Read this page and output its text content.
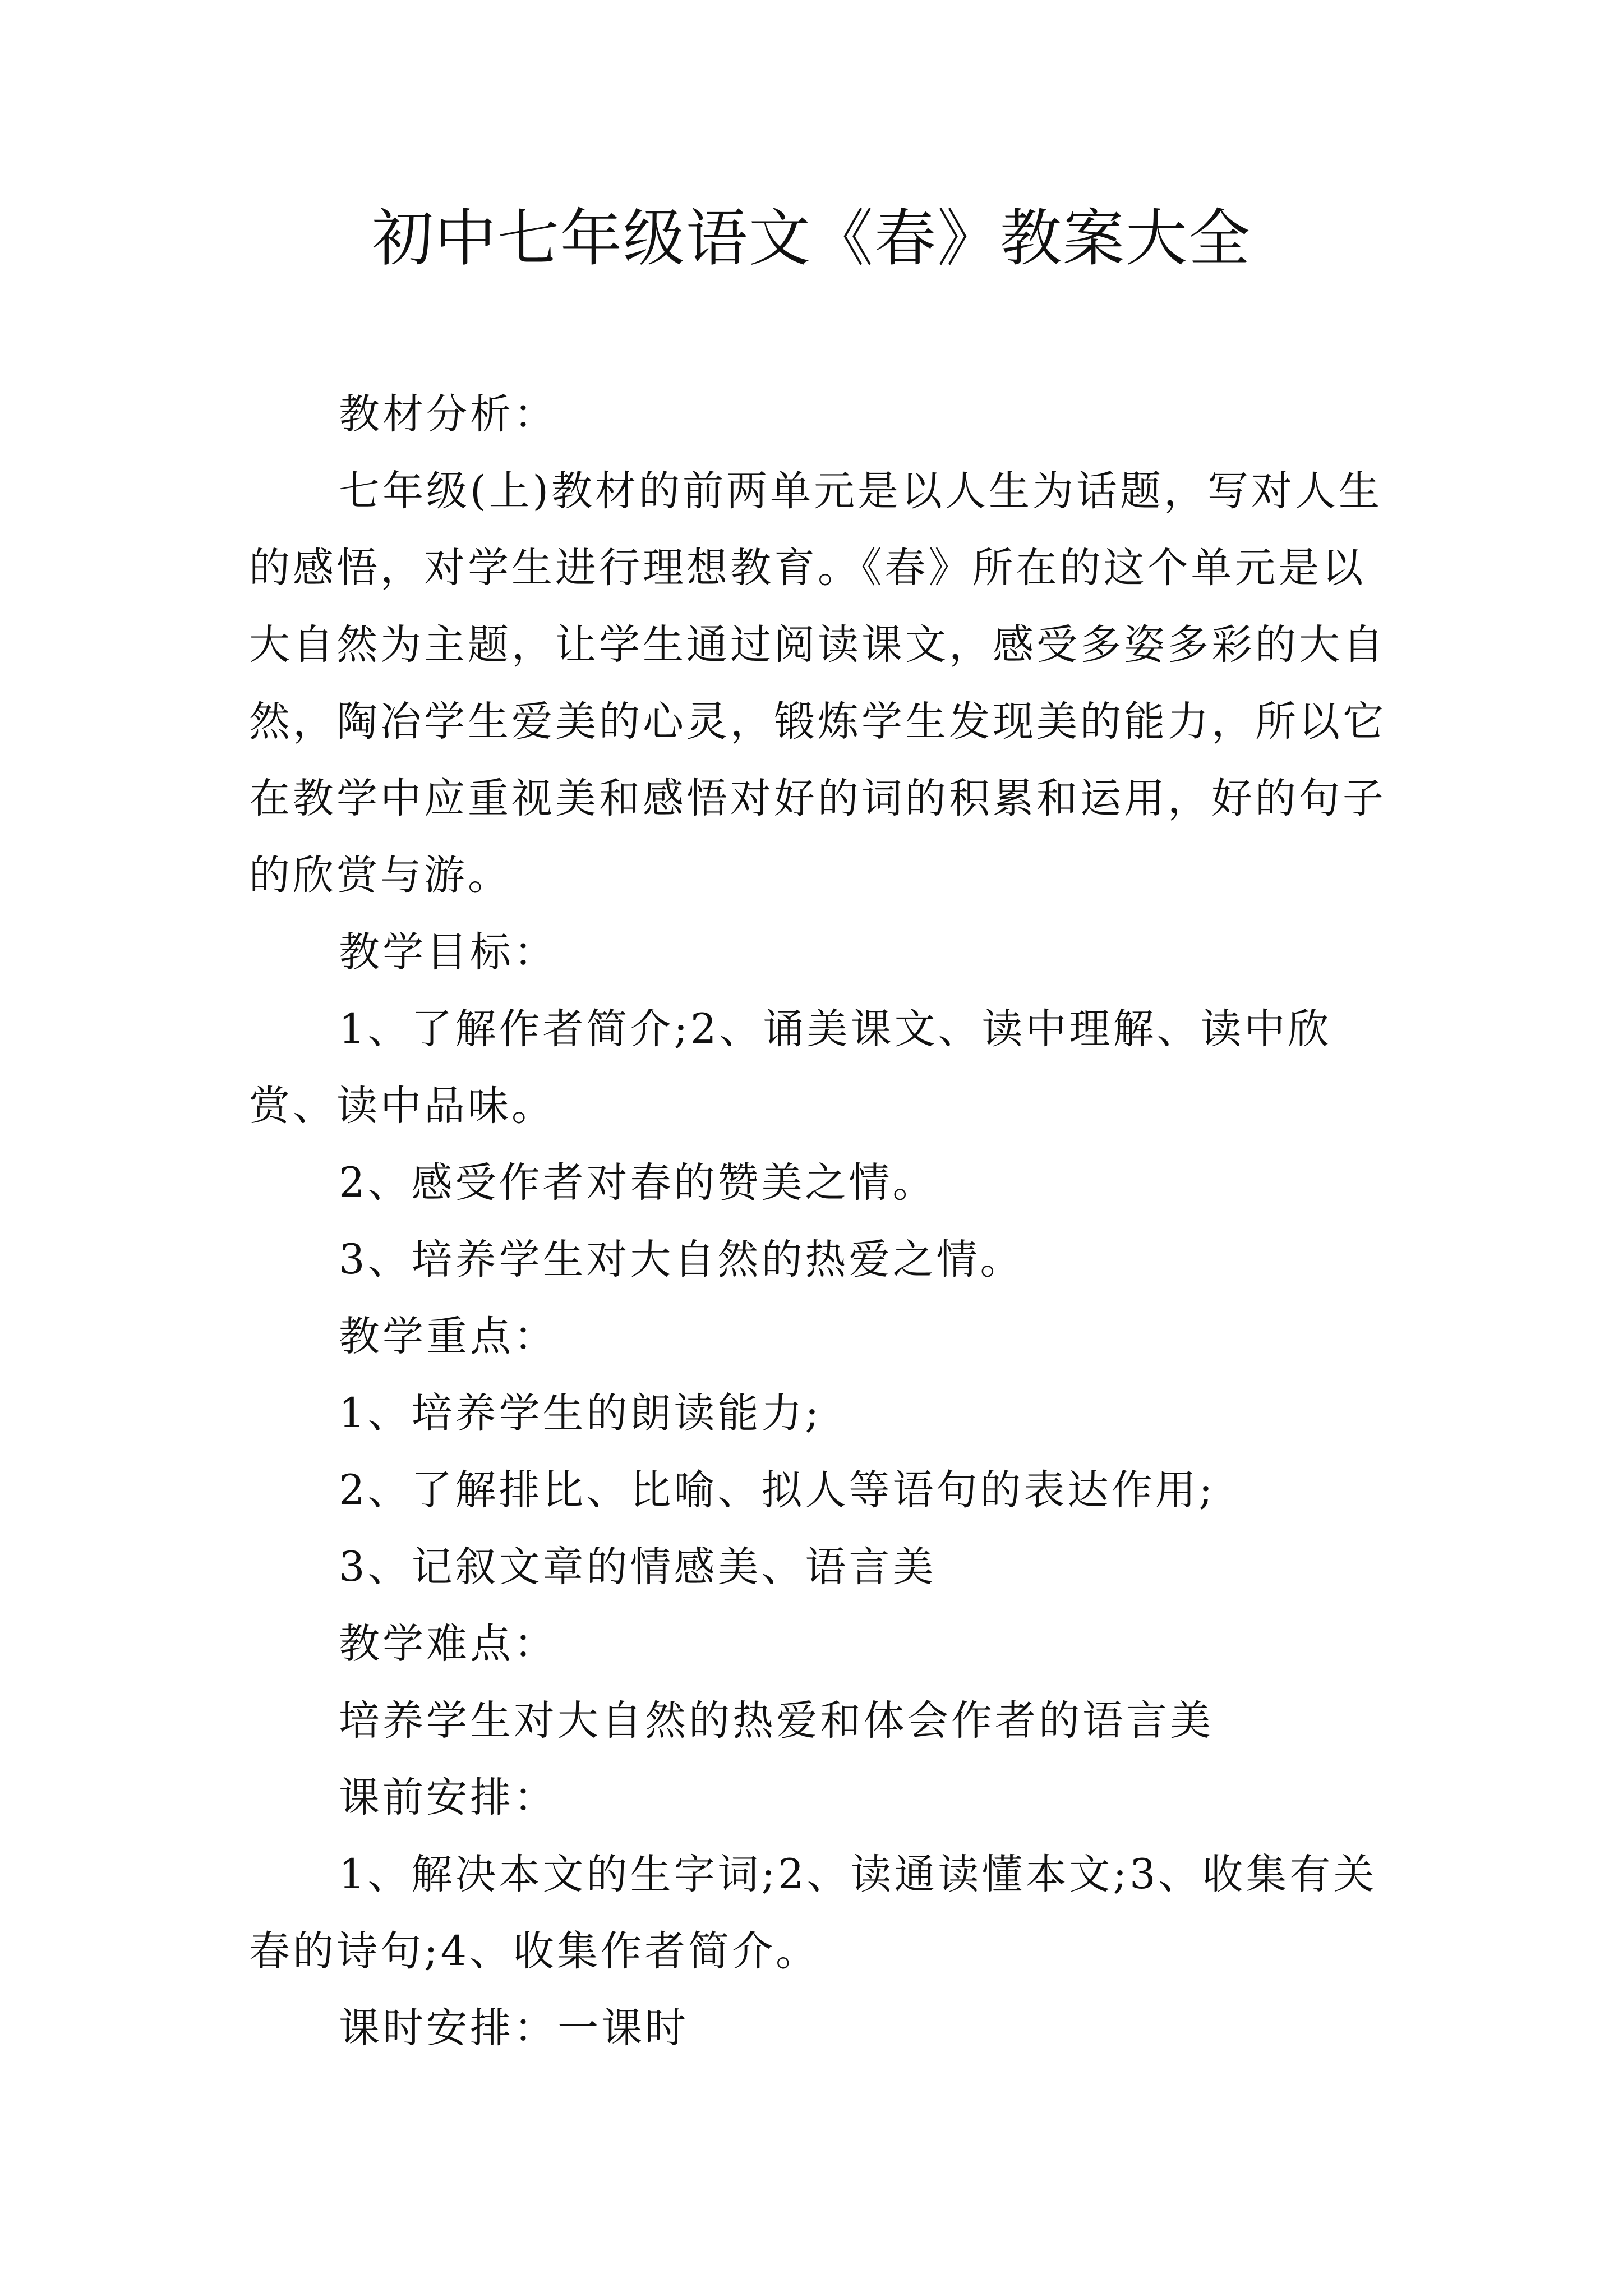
初中七年级语文《春》教案大全

教材分析：

七年级(上)教材的前两单元是以人生为话题，写对人生的感悟，对学生进行理想教育。《春》所在的这个单元是以大自然为主题，让学生通过阅读课文，感受多姿多彩的大自然，陶冶学生爱美的心灵，锻炼学生发现美的能力，所以它在教学中应重视美和感悟对好的词的积累和运用，好的句子的欣赏与游。

教学目标：

1、了解作者简介;2、诵美课文、读中理解、读中欣赏、读中品味。

2、感受作者对春的赞美之情。

3、培养学生对大自然的热爱之情。

教学重点：

1、培养学生的朗读能力;

2、了解排比、比喻、拟人等语句的表达作用;

3、记叙文章的情感美、语言美

教学难点：

培养学生对大自然的热爱和体会作者的语言美

课前安排：

1、解决本文的生字词;2、读通读懂本文;3、收集有关春的诗句;4、收集作者简介。

课时安排：一课时
